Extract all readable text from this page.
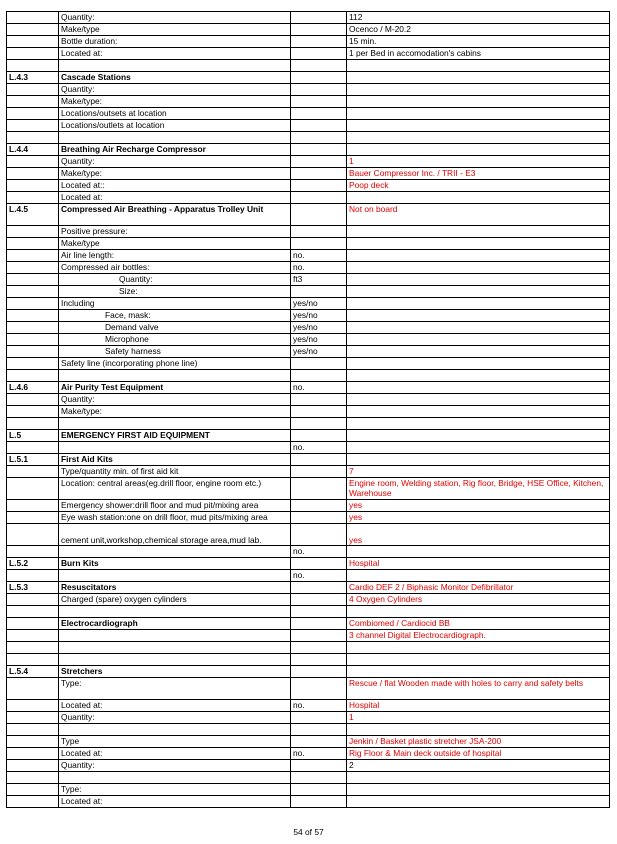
	Quantity:		112
	Make/type		Ocenco / M-20.2
	Bottle duration:		15 min.
	Located at:		1 per Bed in accomodation's cabins

L.4.3	Cascade Stations		
	Quantity:		
	Make/type:		
	Locations/outsets at location		
	Locations/outlets at location		

L.4.4	Breathing Air Recharge Compressor		
	Quantity:		1
	Make/type:		Bauer Compressor Inc. / TRII - E3
	Located at::		Poop deck
	Located at:		
L.4.5	Compressed Air Breathing - Apparatus Trolley Unit		Not on board
	Positive pressure:		
	Make/type		
	Air line length:	no.	
	Compressed air bottles:	no.	
	Quantity:	ft3	
	Size:		
	Including	yes/no	
	Face, mask:	yes/no	
	Demand valve	yes/no	
	Microphone	yes/no	
	Safety harness	yes/no	
	Safety line (incorporating phone line)		

L.4.6	Air Purity Test Equipment	no.	
	Quantity:		
	Make/type:		

L.5	EMERGENCY FIRST AID EQUIPMENT		
		no.	
L.5.1	First Aid Kits		
	Type/quantity min. of first aid kit		7
	Location: central areas(eg.drill floor, engine room etc.)		Engine room, Welding station, Rig floor, Bridge, HSE Office, Kitchen, Warehouse
	Emergency shower:drill floor and mud pit/mixing area		yes
	Eye wash station:one on drill floor, mud pits/mixing area		yes
	cement unit,workshop,chemical storage area,mud lab.		yes
		no.	
L.5.2	Burn Kits		Hospital
		no.	
L.5.3	Resuscitators		Cardio DEF 2 / Biphasic Monitor Defibrillator
	Charged (spare) oxygen cylinders		4 Oxygen Cylinders

	Electrocardiograph		Combiomed / Cardiocid BB
			3 channel Digital Electrocardiograph.

L.5.4	Stretchers		
	Type:		Rescue / flat Wooden made with holes to carry and safety belts
	Located at:	no.	Hospital
	Quantity:		1

	Type		Jenkin / Basket plastic stretcher JSA-200
	Located at:	no.	Rig Floor & Main deck outside of hospital
	Quantity:		2

	Type:		
	Located at:		
54 of 57
